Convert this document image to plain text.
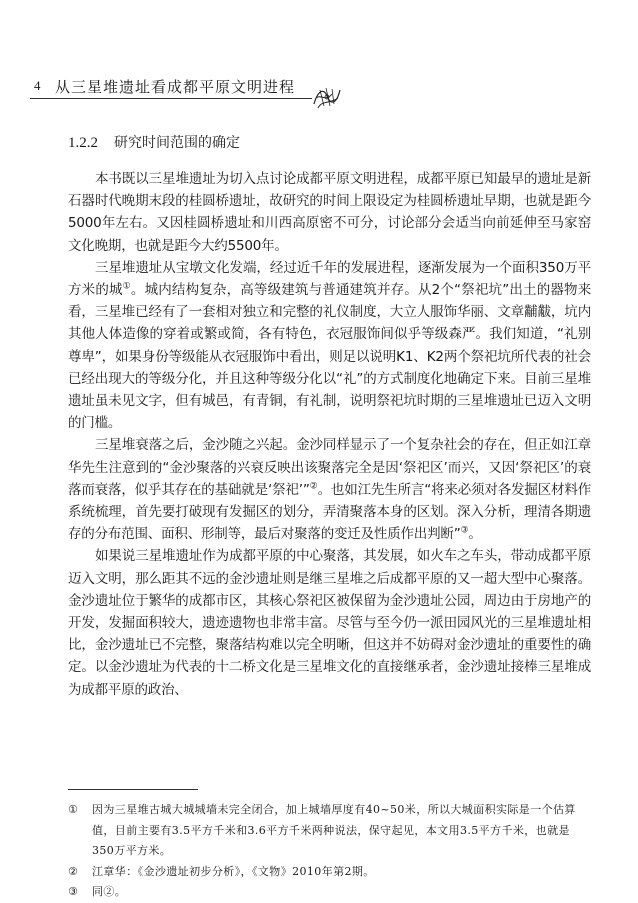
4 从三星堆遗址看成都平原文明进程
1.2.2 研究时间范围的确定

本书既以三星堆遗址为切入点讨论成都平原文明进程，成都平原已知最早的遗址是新石器时代晚期末段的桂圆桥遗址，故研究的时间上限设定为桂圆桥遗址早期，也就是距今5000年左右。又因桂圆桥遗址和川西高原密不可分，讨论部分会适当向前延伸至马家窑文化晚期，也就是距今大约5500年。

三星堆遗址从宝墩文化发端，经过近千年的发展进程，逐渐发展为一个面积350万平方米的城①。城内结构复杂，高等级建筑与普通建筑并存。从2个“祭祀坑”出土的器物来看，三星堆已经有了一套相对独立和完整的礼仪制度，大立人服饰华丽、文章黼黻，坑内其他人体造像的穿着或繁或简，各有特色，衣冠服饰间似乎等级森严。我们知道，“礼别尊卑”，如果身份等级能从衣冠服饰中看出，则足以说明K1、K2两个祭祀坑所代表的社会已经出现大的等级分化，并且这种等级分化以“礼”的方式制度化地确定下来。目前三星堆遗址虽未见文字，但有城邑，有青铜，有礼制，说明祭祀坑时期的三星堆遗址已迈入文明的门槛。

三星堆衰落之后，金沙随之兴起。金沙同样显示了一个复杂社会的存在，但正如江章华先生注意到的“金沙聚落的兴衰反映出该聚落完全是因‘祭祀区’而兴，又因‘祭祀区’的衰落而衰落，似乎其存在的基础就是‘祭祀’”②。也如江先生所言“将来必须对各发掘区材料作系统梳理，首先要打破现有发掘区的划分，弄清聚落本身的区划。深入分析，理清各期遗存的分布范围、面积、形制等，最后对聚落的变迁及性质作出判断”③。

如果说三星堆遗址作为成都平原的中心聚落，其发展，如火车之车头，带动成都平原迈入文明，那么距其不远的金沙遗址则是继三星堆之后成都平原的又一超大型中心聚落。金沙遗址位于繁华的成都市区，其核心祭祀区被保留为金沙遗址公园，周边由于房地产的开发，发掘面积较大，遗迹遗物也非常丰富。尽管与至今仍一派田园风光的三星堆遗址相比，金沙遗址已不完整，聚落结构难以完全明晰，但这并不妨碍对金沙遗址的重要性的确定。以金沙遗址为代表的十二桥文化是三星堆文化的直接继承者，金沙遗址接棒三星堆成为成都平原的政治、

①	因为三星堆古城大城城墙未完全闭合，加上城墙厚度有40~50米，所以大城面积实际是一个估算值，目前主要有3.5平方千米和3.6平方千米两种说法，保守起见，本文用3.5平方千米，也就是350万平方米。
②	江章华：《金沙遗址初步分析》，《文物》2010年第2期。
③	同②。
